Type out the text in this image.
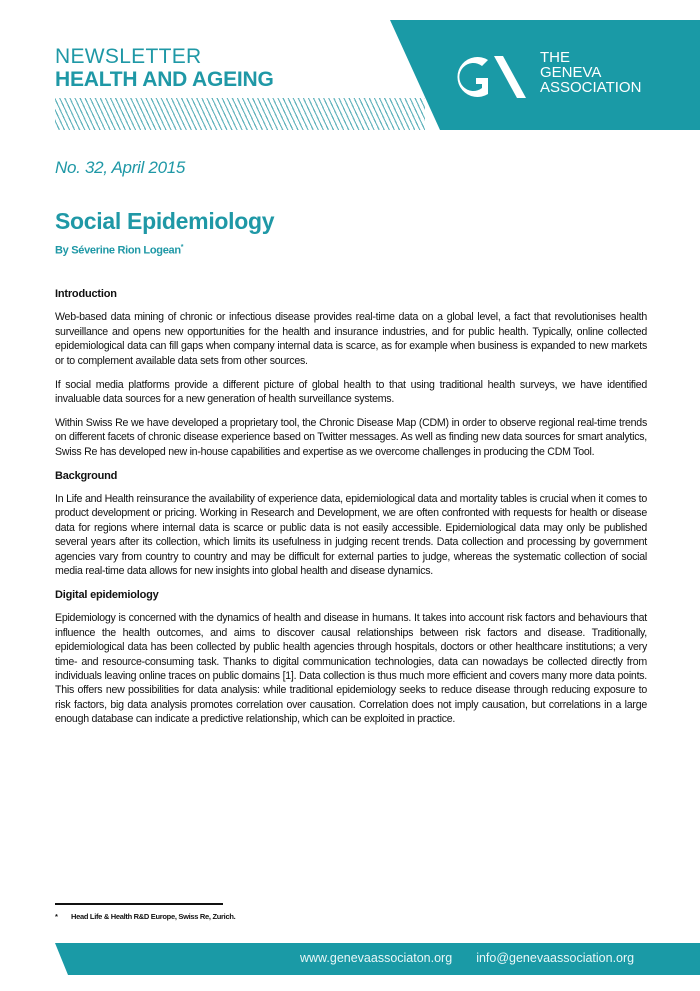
NEWSLETTER
HEALTH AND AGEING
THE
GENEVA
ASSOCIATION
No. 32, April 2015
Social Epidemiology
By Séverine Rion Logean*
Introduction

Web-based data mining of chronic or infectious disease provides real-time data on a global level, a fact that revolutionises health surveillance and opens new opportunities for the health and insurance industries, and for public health. Typically, online collected epidemiological data can fill gaps when company internal data is scarce, as for example when business is expanded to new markets or to complement available data sets from other sources.

If social media platforms provide a different picture of global health to that using traditional health surveys, we have identified invaluable data sources for a new generation of health surveillance systems.

Within Swiss Re we have developed a proprietary tool, the Chronic Disease Map (CDM) in order to observe regional real-time trends on different facets of chronic disease experience based on Twitter messages. As well as finding new data sources for smart analytics, Swiss Re has developed new in-house capabilities and expertise as we overcome challenges in producing the CDM Tool.

Background

In Life and Health reinsurance the availability of experience data, epidemiological data and mortality tables is crucial when it comes to product development or pricing. Working in Research and Development, we are often confronted with requests for health or disease data for regions where internal data is scarce or public data is not easily accessible. Epidemiological data may only be published several years after its collection, which limits its usefulness in judging recent trends. Data collection and processing by government agencies vary from country to country and may be difficult for external parties to judge, whereas the systematic collection of social media real-time data allows for new insights into global health and disease dynamics.

Digital epidemiology

Epidemiology is concerned with the dynamics of health and disease in humans. It takes into account risk factors and behaviours that influence the health outcomes, and aims to discover causal relationships between risk factors and disease. Traditionally, epidemiological data has been collected by public health agencies through hospitals, doctors or other healthcare institutions; a very time- and resource-consuming task. Thanks to digital communication technologies, data can nowadays be collected directly from individuals leaving online traces on public domains [1]. Data collection is thus much more efficient and covers many more data points. This offers new possibilities for data analysis: while traditional epidemiology seeks to reduce disease through reducing exposure to risk factors, big data analysis promotes correlation over causation. Correlation does not imply causation, but correlations in a large enough database can indicate a predictive relationship, which can be exploited in practice.

* Head Life & Health R&D Europe, Swiss Re, Zurich.
www.genevaassociaton.org info@genevaassociation.org
